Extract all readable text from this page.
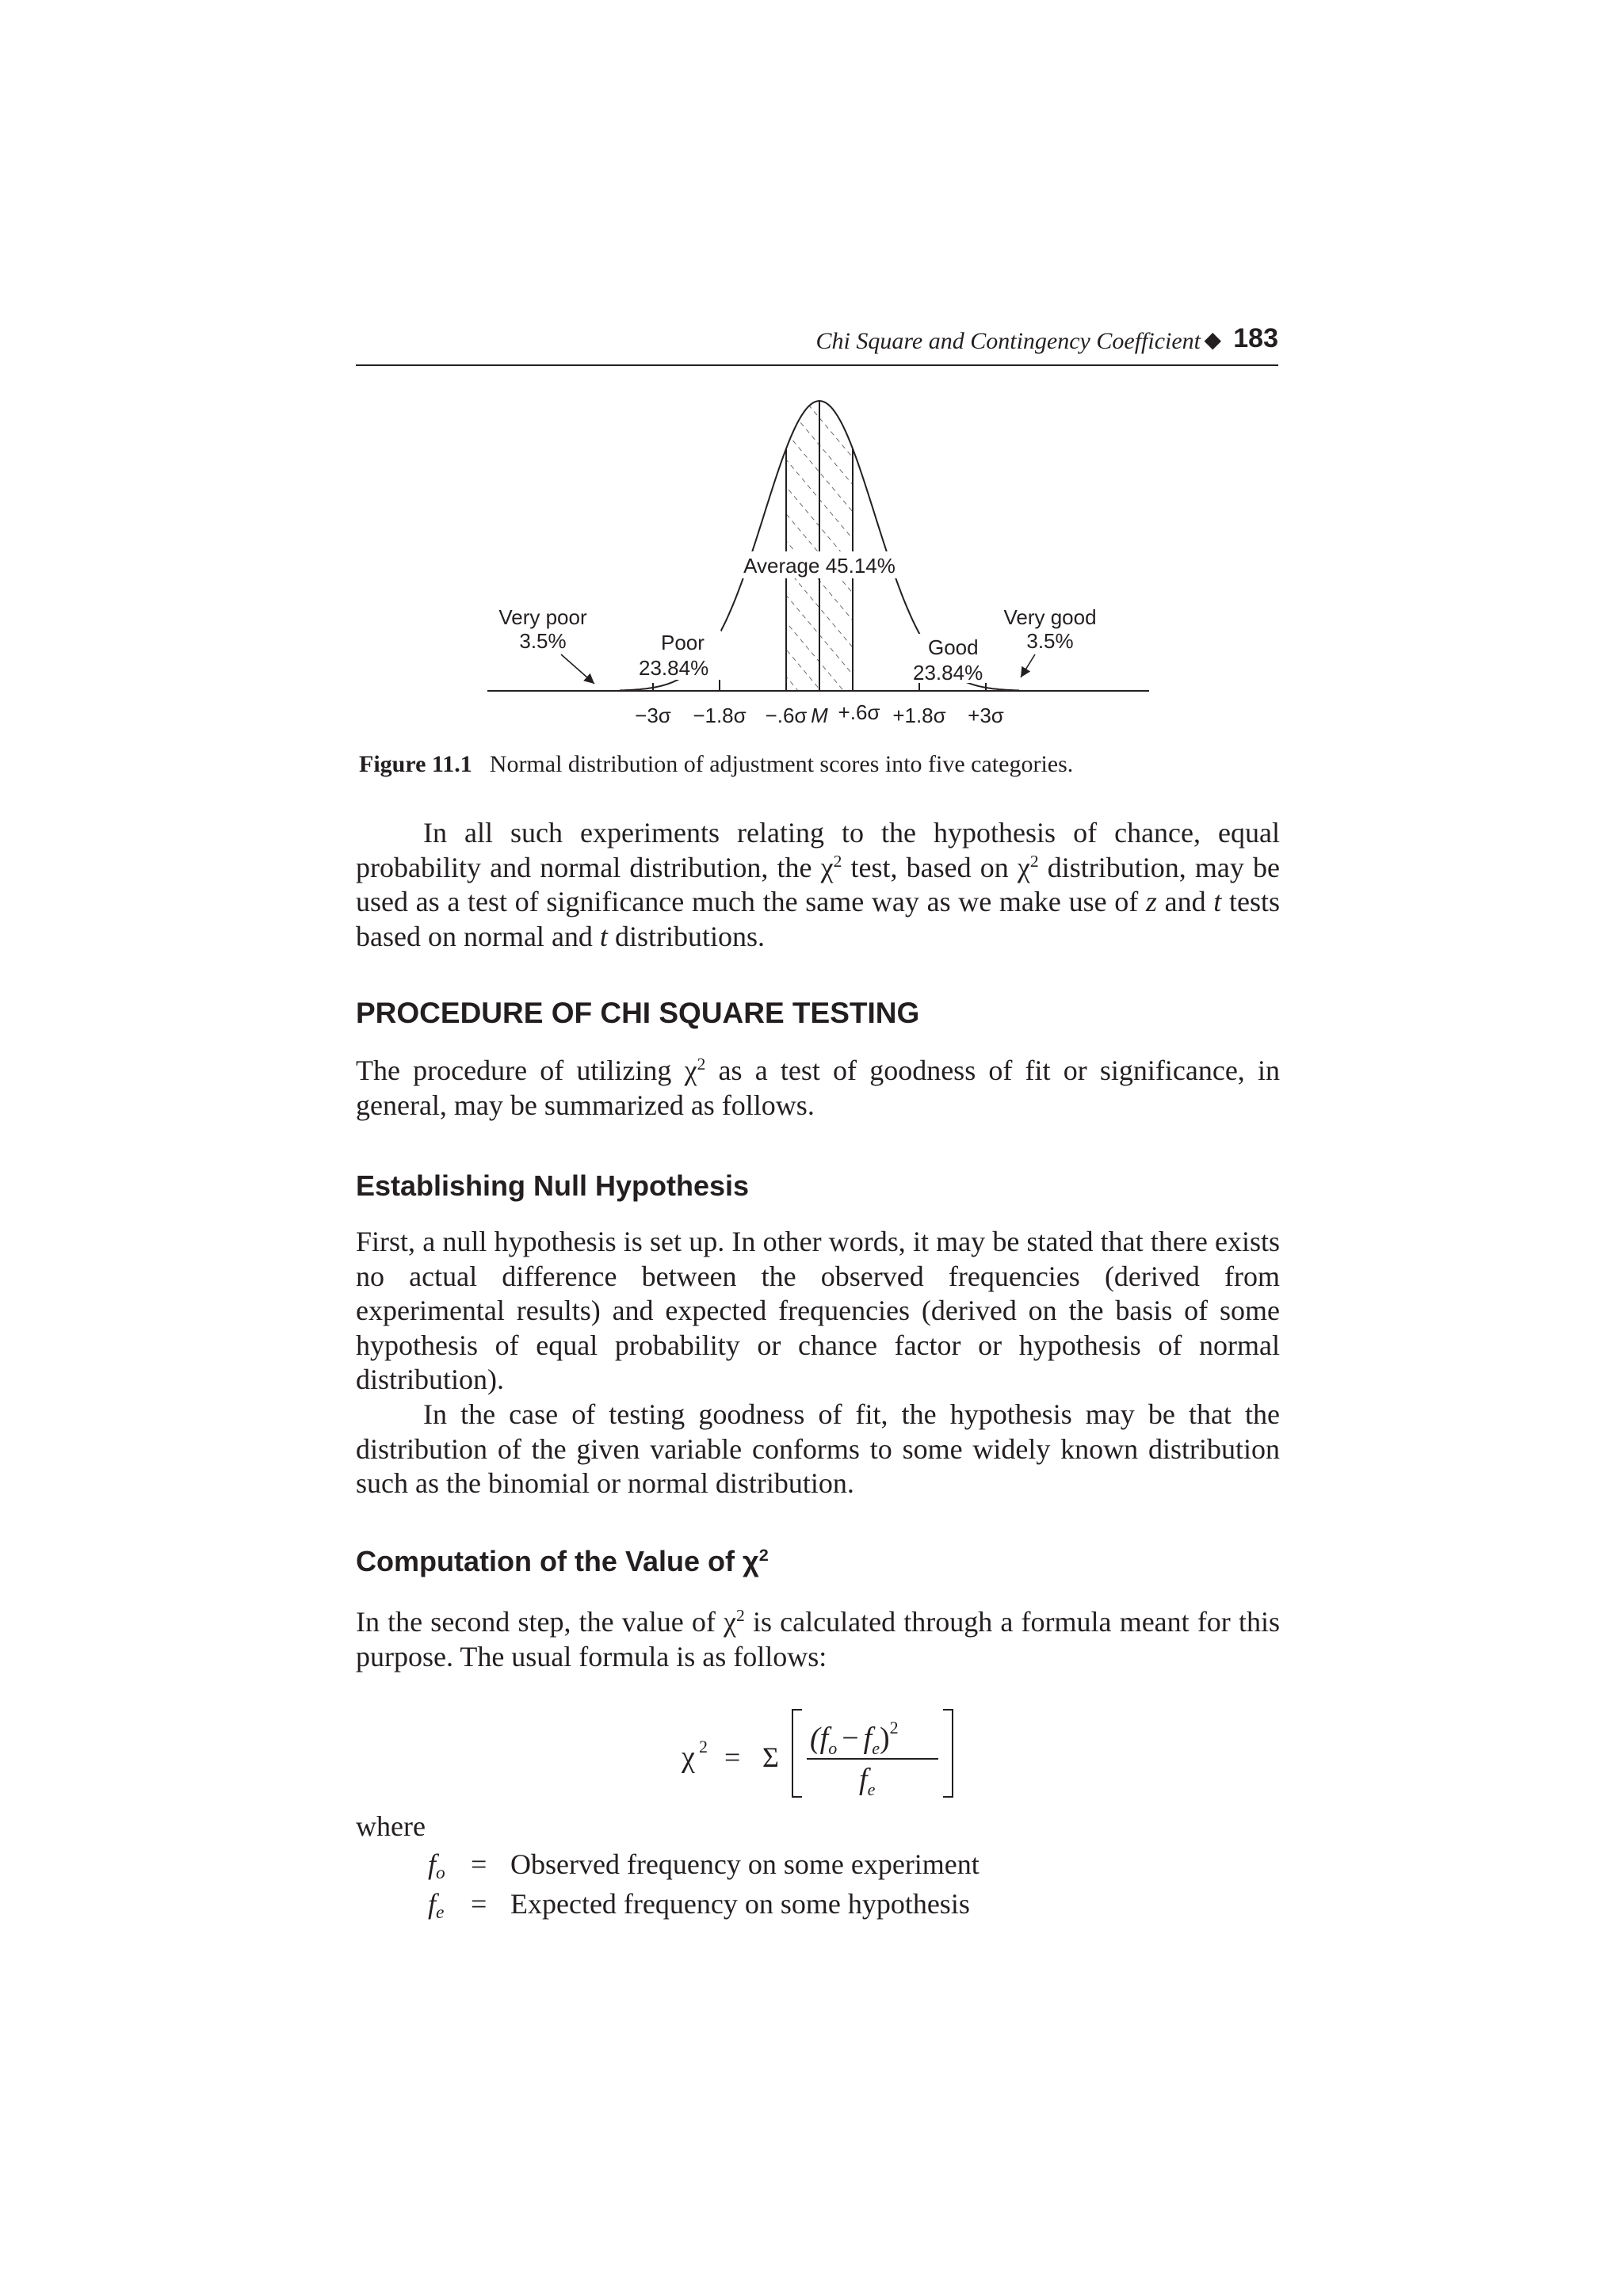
Chi Square and Contingency Coefficient ◆ 183
Average 45.14%
Very poor
3.5%	Poor
23.84%
Good
23.84%
Very good
3.5%
−3σ −1.8σ −.6σ M +.6σ +1.8σ +3σ
Figure 11.1 Normal distribution of adjustment scores into five categories.

In all such experiments relating to the hypothesis of chance, equal probability and normal distribution, the $\chi^2$ test, based on $\chi^2$ distribution, may be used as a test of significance much the same way as we make use of z and t tests based on normal and t distributions.

PROCEDURE OF CHI SQUARE TESTING

The procedure of utilizing $\chi^2$ as a test of goodness of fit or significance, in general, may be summarized as follows.

Establishing Null Hypothesis

First, a null hypothesis is set up. In other words, it may be stated that there exists no actual difference between the observed frequencies (derived from experimental results) and expected frequencies (derived on the basis of some hypothesis of equal probability or chance factor or hypothesis of normal distribution).

In the case of testing goodness of fit, the hypothesis may be that the distribution of the given variable conforms to some widely known distribution such as the binomial or normal distribution.

Computation of the Value of $\chi^2$

In the second step, the value of $\chi^2$ is calculated through a formula meant for this purpose. The usual formula is as follows:

χ 2 = Σ
$(f_o - f_e)^2$
$f_e$
where
$f_o$ = Observed frequency on some experiment
$f_e$ = Expected frequency on some hypothesis
